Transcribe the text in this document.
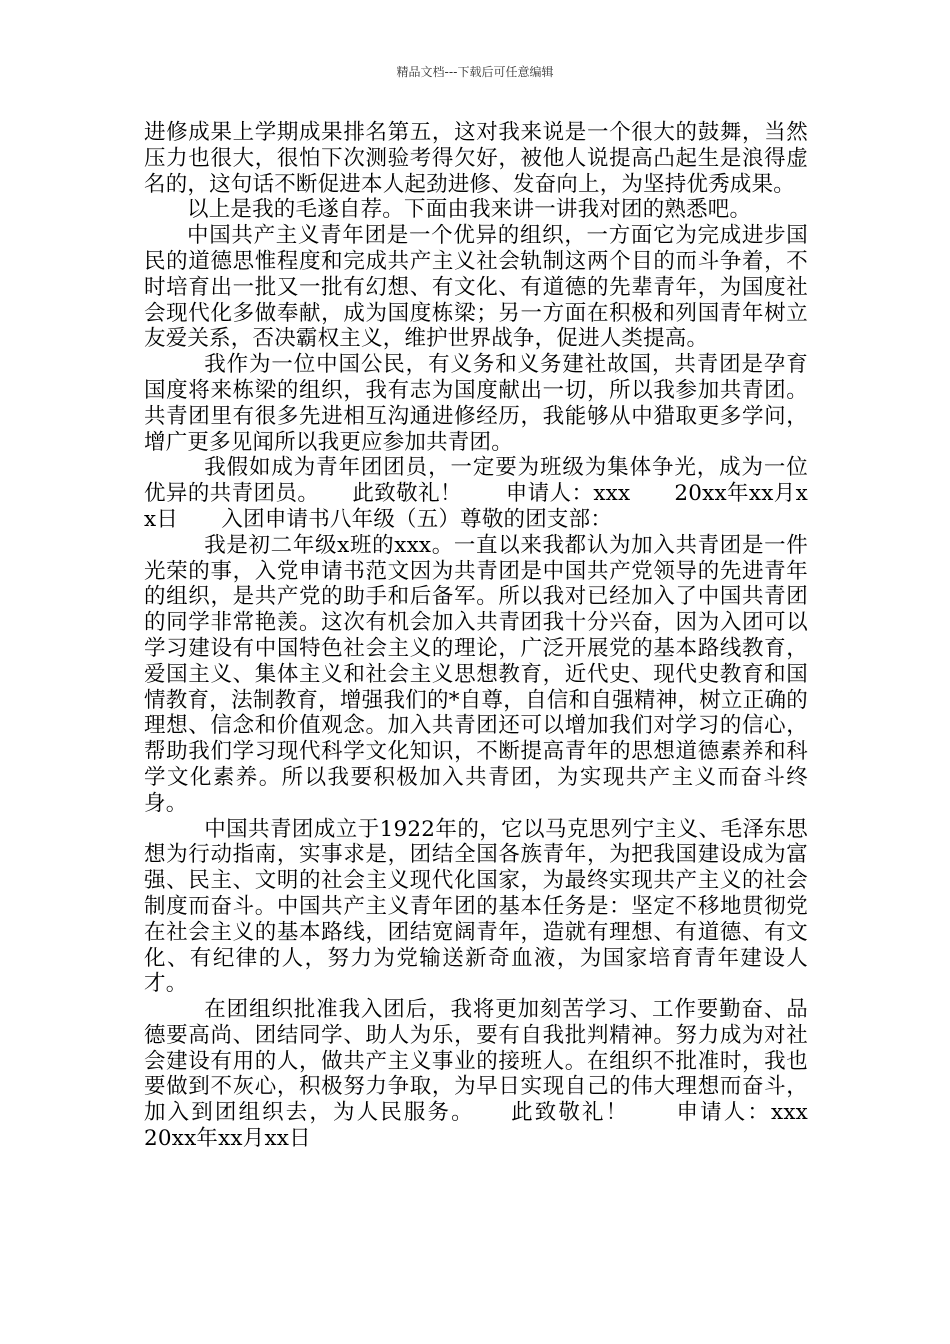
精品文档---下载后可任意编辑

进修成果上学期成果排名第五，这对我来说是一个很大的鼓舞，当然压力也很大，很怕下次测验考得欠好，被他人说提高凸起生是浪得虚名的，这句话不断促进本人起劲进修、发奋向上，为坚持优秀成果。

以上是我的毛遂自荐。下面由我来讲一讲我对团的熟悉吧。

中国共产主义青年团是一个优异的组织，一方面它为完成进步国民的道德思惟程度和完成共产主义社会轨制这两个目的而斗争着，不时培育出一批又一批有幻想、有文化、有道德的先辈青年，为国度社会现代化多做奉献，成为国度栋梁；另一方面在积极和列国青年树立友爱关系，否决霸权主义，维护世界战争，促进人类提高。

我作为一位中国公民，有义务和义务建社故国，共青团是孕育国度将来栋梁的组织，我有志为国度献出一切，所以我参加共青团。共青团里有很多先进相互沟通进修经历，我能够从中猎取更多学问，增广更多见闻所以我更应参加共青团。

我假如成为青年团团员，一定要为班级为集体争光，成为一位优异的共青团员。　　此致敬礼！　　申请人：xxx　　20xx年xx月xx日　　入团申请书八年级（五）尊敬的团支部：

我是初二年级x班的xxx。一直以来我都认为加入共青团是一件光荣的事，入党申请书范文因为共青团是中国共产党领导的先进青年的组织，是共产党的助手和后备军。所以我对已经加入了中国共青团的同学非常艳羡。这次有机会加入共青团我十分兴奋，因为入团可以学习建设有中国特色社会主义的理论，广泛开展党的基本路线教育，爱国主义、集体主义和社会主义思想教育，近代史、现代史教育和国情教育，法制教育，增强我们的*自尊，自信和自强精神，树立正确的理想、信念和价值观念。加入共青团还可以增加我们对学习的信心，帮助我们学习现代科学文化知识，不断提高青年的思想道德素养和科学文化素养。所以我要积极加入共青团，为实现共产主义而奋斗终身。

中国共青团成立于1922年的，它以马克思列宁主义、毛泽东思想为行动指南，实事求是，团结全国各族青年，为把我国建设成为富强、民主、文明的社会主义现代化国家，为最终实现共产主义的社会制度而奋斗。中国共产主义青年团的基本任务是：坚定不移地贯彻党在社会主义的基本路线，团结宽阔青年，造就有理想、有道德、有文化、有纪律的人，努力为党输送新奇血液，为国家培育青年建设人才。

在团组织批准我入团后，我将更加刻苦学习、工作要勤奋、品德要高尚、团结同学、助人为乐，要有自我批判精神。努力成为对社会建设有用的人，做共产主义事业的接班人。在组织不批准时，我也要做到不灰心，积极努力争取，为早日实现自己的伟大理想而奋斗，加入到团组织去，为人民服务。　　此致敬礼！　　申请人：xxx　　20xx年xx月xx日
